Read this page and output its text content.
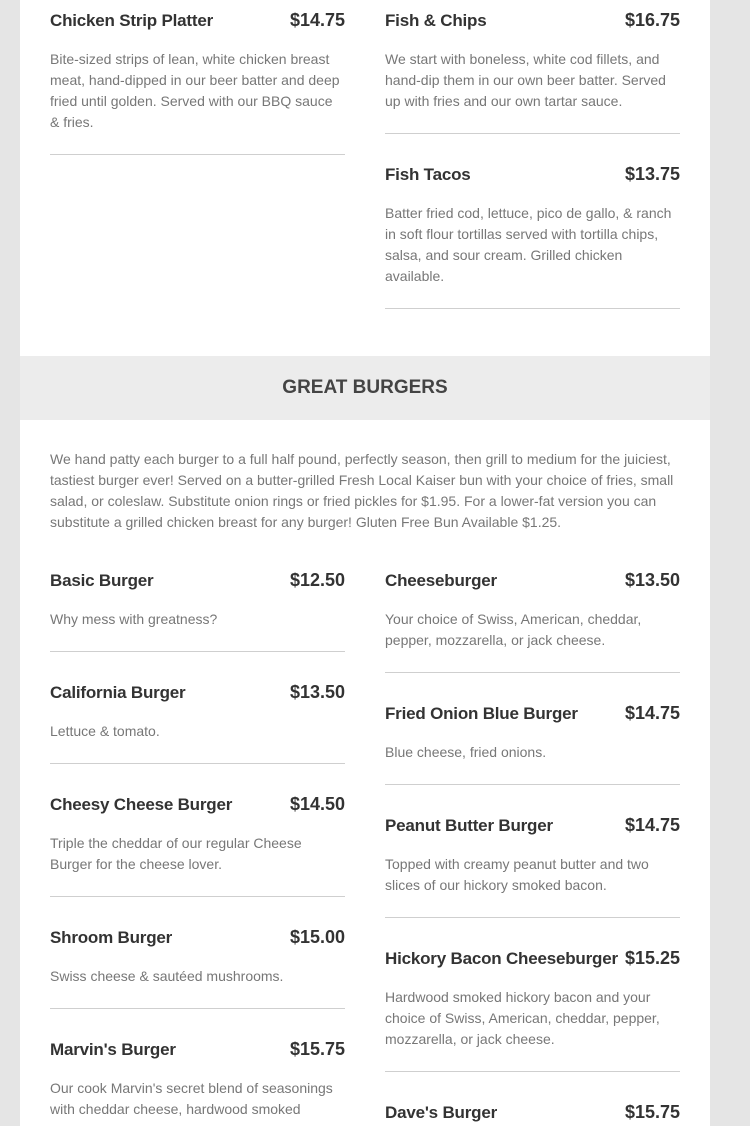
Chicken Strip Platter	$14.75
Bite-sized strips of lean, white chicken breast meat, hand-dipped in our beer batter and deep fried until golden. Served with our BBQ sauce & fries.
Fish & Chips	$16.75
We start with boneless, white cod fillets, and hand-dip them in our own beer batter. Served up with fries and our own tartar sauce.
Fish Tacos	$13.75
Batter fried cod, lettuce, pico de gallo, & ranch in soft flour tortillas served with tortilla chips, salsa, and sour cream. Grilled chicken available.
GREAT BURGERS
We hand patty each burger to a full half pound, perfectly season, then grill to medium for the juiciest, tastiest burger ever! Served on a butter-grilled Fresh Local Kaiser bun with your choice of fries, small salad, or coleslaw. Substitute onion rings or fried pickles for $1.95. For a lower-fat version you can substitute a grilled chicken breast for any burger! Gluten Free Bun Available $1.25.
Basic Burger	$12.50
Why mess with greatness?
California Burger	$13.50
Lettuce & tomato.
Cheesy Cheese Burger	$14.50
Triple the cheddar of our regular Cheese Burger for the cheese lover.
Shroom Burger	$15.00
Swiss cheese & sautéed mushrooms.
Marvin's Burger	$15.75
Our cook Marvin's secret blend of seasonings with cheddar cheese, hardwood smoked
Cheeseburger	$13.50
Your choice of Swiss, American, cheddar, pepper, mozzarella, or jack cheese.
Fried Onion Blue Burger	$14.75
Blue cheese, fried onions.
Peanut Butter Burger	$14.75
Topped with creamy peanut butter and two slices of our hickory smoked bacon.
Hickory Bacon Cheeseburger $15.25
Hardwood smoked hickory bacon and your choice of Swiss, American, cheddar, pepper, mozzarella, or jack cheese.
Dave's Burger	$15.75
